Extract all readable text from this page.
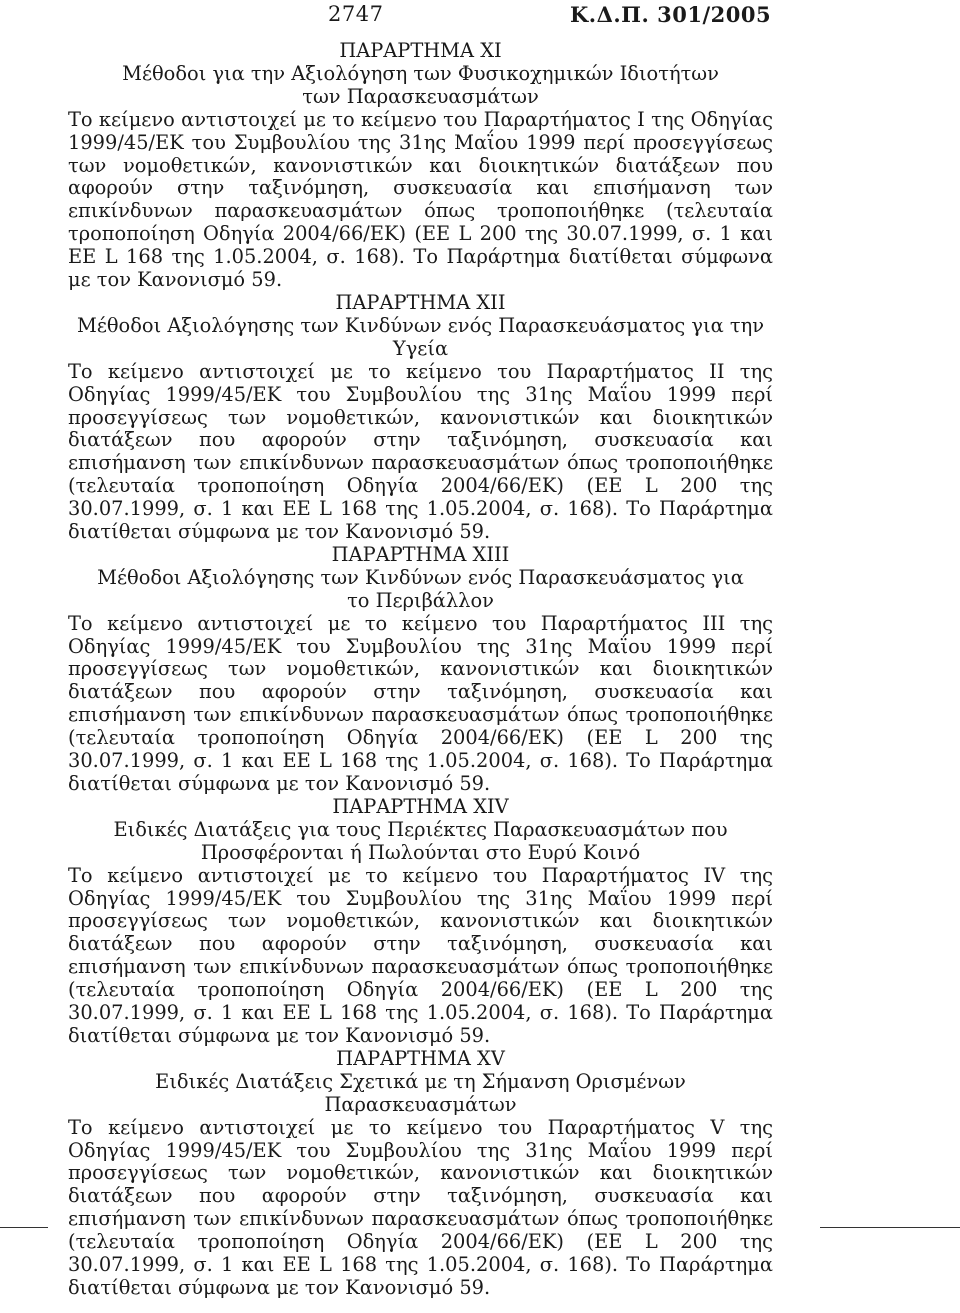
2747	Κ.Δ.Π. 301/2005
ΠΑΡΑΡΤΗΜΑ XI
Μέθοδοι για την Αξιολόγηση των Φυσικοχημικών Ιδιοτήτων
των Παρασκευασμάτων
Το κείμενο αντιστοιχεί με το κείμενο του Παραρτήματος Ι της Οδηγίας 1999/45/ΕΚ του Συμβουλίου της 31ης Μαΐου 1999 περί προσεγγίσεως των νομοθετικών, κανονιστικών και διοικητικών διατάξεων που αφορούν στην ταξινόμηση, συσκευασία και επισήμανση των επικίνδυνων παρασκευασμάτων όπως τροποποιήθηκε (τελευταία τροποποίηση Οδηγία 2004/66/ΕΚ) (ΕΕ L 200 της 30.07.1999, σ. 1 και ΕΕ L 168 της 1.05.2004, σ. 168). Το Παράρτημα διατίθεται σύμφωνα με τον Κανονισμό 59.
ΠΑΡΑΡΤΗΜΑ XII
Μέθοδοι Αξιολόγησης των Κινδύνων ενός Παρασκευάσματος για την Υγεία
Το κείμενο αντιστοιχεί με το κείμενο του Παραρτήματος ΙΙ της Οδηγίας 1999/45/ΕΚ του Συμβουλίου της 31ης Μαΐου 1999 περί προσεγγίσεως των νομοθετικών, κανονιστικών και διοικητικών διατάξεων που αφορούν στην ταξινόμηση, συσκευασία και επισήμανση των επικίνδυνων παρασκευασμάτων όπως τροποποιήθηκε (τελευταία τροποποίηση Οδηγία 2004/66/ΕΚ) (ΕΕ L 200 της 30.07.1999, σ. 1 και ΕΕ L 168 της 1.05.2004, σ. 168). Το Παράρτημα διατίθεται σύμφωνα με τον Κανονισμό 59.
ΠΑΡΑΡΤΗΜΑ XIII
Μέθοδοι Αξιολόγησης των Κινδύνων ενός Παρασκευάσματος για
το Περιβάλλον
Το κείμενο αντιστοιχεί με το κείμενο του Παραρτήματος ΙΙΙ της Οδηγίας 1999/45/ΕΚ του Συμβουλίου της 31ης Μαΐου 1999 περί προσεγγίσεως των νομοθετικών, κανονιστικών και διοικητικών διατάξεων που αφορούν στην ταξινόμηση, συσκευασία και επισήμανση των επικίνδυνων παρασκευασμάτων όπως τροποποιήθηκε (τελευταία τροποποίηση Οδηγία 2004/66/ΕΚ) (ΕΕ L 200 της 30.07.1999, σ. 1 και ΕΕ L 168 της 1.05.2004, σ. 168). Το Παράρτημα διατίθεται σύμφωνα με τον Κανονισμό 59.
ΠΑΡΑΡΤΗΜΑ XIV
Ειδικές Διατάξεις για τους Περιέκτες Παρασκευασμάτων που
Προσφέρονται ή Πωλούνται στο Ευρύ Κοινό
Το κείμενο αντιστοιχεί με το κείμενο του Παραρτήματος IV της Οδηγίας 1999/45/ΕΚ του Συμβουλίου της 31ης Μαΐου 1999 περί προσεγγίσεως των νομοθετικών, κανονιστικών και διοικητικών διατάξεων που αφορούν στην ταξινόμηση, συσκευασία και επισήμανση των επικίνδυνων παρασκευασμάτων όπως τροποποιήθηκε (τελευταία τροποποίηση Οδηγία 2004/66/ΕΚ) (ΕΕ L 200 της 30.07.1999, σ. 1 και ΕΕ L 168 της 1.05.2004, σ. 168). Το Παράρτημα διατίθεται σύμφωνα με τον Κανονισμό 59.
ΠΑΡΑΡΤΗΜΑ XV
Ειδικές Διατάξεις Σχετικά με τη Σήμανση Ορισμένων Παρασκευασμάτων
Το κείμενο αντιστοιχεί με το κείμενο του Παραρτήματος V της Οδηγίας 1999/45/ΕΚ του Συμβουλίου της 31ης Μαΐου 1999 περί προσεγγίσεως των νομοθετικών, κανονιστικών και διοικητικών διατάξεων που αφορούν στην ταξινόμηση, συσκευασία και επισήμανση των επικίνδυνων παρασκευασμάτων όπως τροποποιήθηκε (τελευταία τροποποίηση Οδηγία 2004/66/ΕΚ) (ΕΕ L 200 της 30.07.1999, σ. 1 και ΕΕ L 168 της 1.05.2004, σ. 168). Το Παράρτημα διατίθεται σύμφωνα με τον Κανονισμό 59.
